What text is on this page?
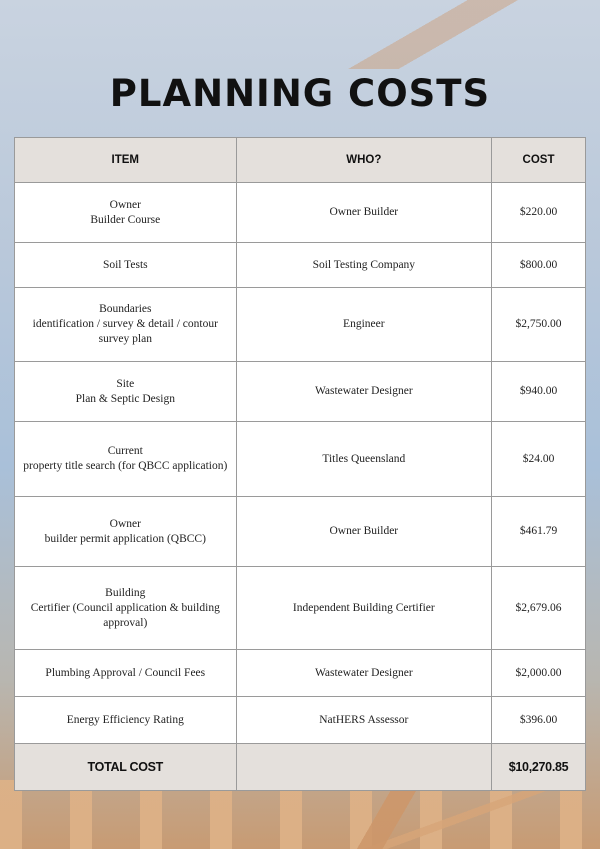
PLANNING COSTS
ITEM	WHO?	COST

Owner
Builder Course	Owner Builder	$220.00

Soil Tests	Soil Testing Company	$800.00

Boundaries
identification / survey & detail / contour survey plan	Engineer	$2,750.00

Site
Plan & Septic Design	Wastewater Designer	$940.00

Current
property title search (for QBCC application)	Titles Queensland	$24.00

Owner
builder permit application (QBCC)	Owner Builder	$461.79

Building
Certifier (Council application & building approval)	Independent Building Certifier	$2,679.06

Plumbing Approval / Council Fees	Wastewater Designer	$2,000.00

Energy Efficiency Rating	NatHERS Assessor	$396.00
TOTAL COST		$10,270.85
